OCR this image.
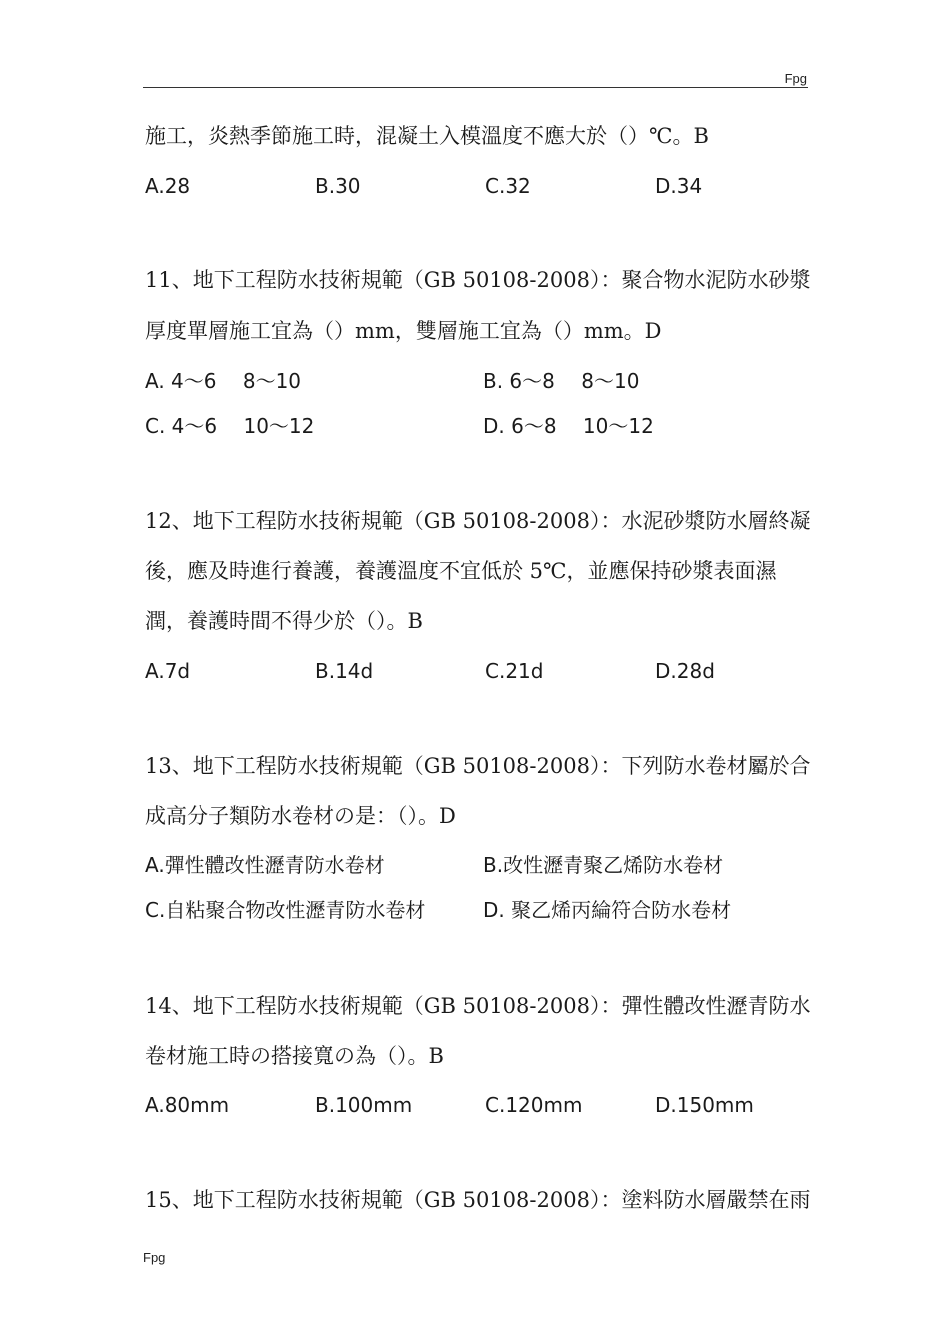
Fpg
施工，炎熱季節施工時，混凝土入模溫度不應大於（）℃。B
A.28	B.30	C.32	D.34
11、地下工程防水技術規範（GB 50108-2008）：聚合物水泥防水砂漿
厚度單層施工宜為（）mm，雙層施工宜為（）mm。D
A. 4～6　 8～10	B. 6～8　 8～10
C. 4～6　 10～12	D. 6～8　 10～12
12、地下工程防水技術規範（GB 50108-2008）：水泥砂漿防水層終凝
後，應及時進行養護，養護溫度不宜低於 5℃，並應保持砂漿表面濕
潤，養護時間不得少於（）。B
A.7d	B.14d	C.21d	D.28d
13、地下工程防水技術規範（GB 50108-2008）：下列防水卷材屬於合
成高分子類防水卷材の是：（）。D
A.彈性體改性瀝青防水卷材	B.改性瀝青聚乙烯防水卷材
C.自粘聚合物改性瀝青防水卷材	D. 聚乙烯丙綸符合防水卷材
14、地下工程防水技術規範（GB 50108-2008）：彈性體改性瀝青防水
卷材施工時の搭接寬の為（）。B
A.80mm	B.100mm	C.120mm	D.150mm
15、地下工程防水技術規範（GB 50108-2008）：塗料防水層嚴禁在雨
Fpg
